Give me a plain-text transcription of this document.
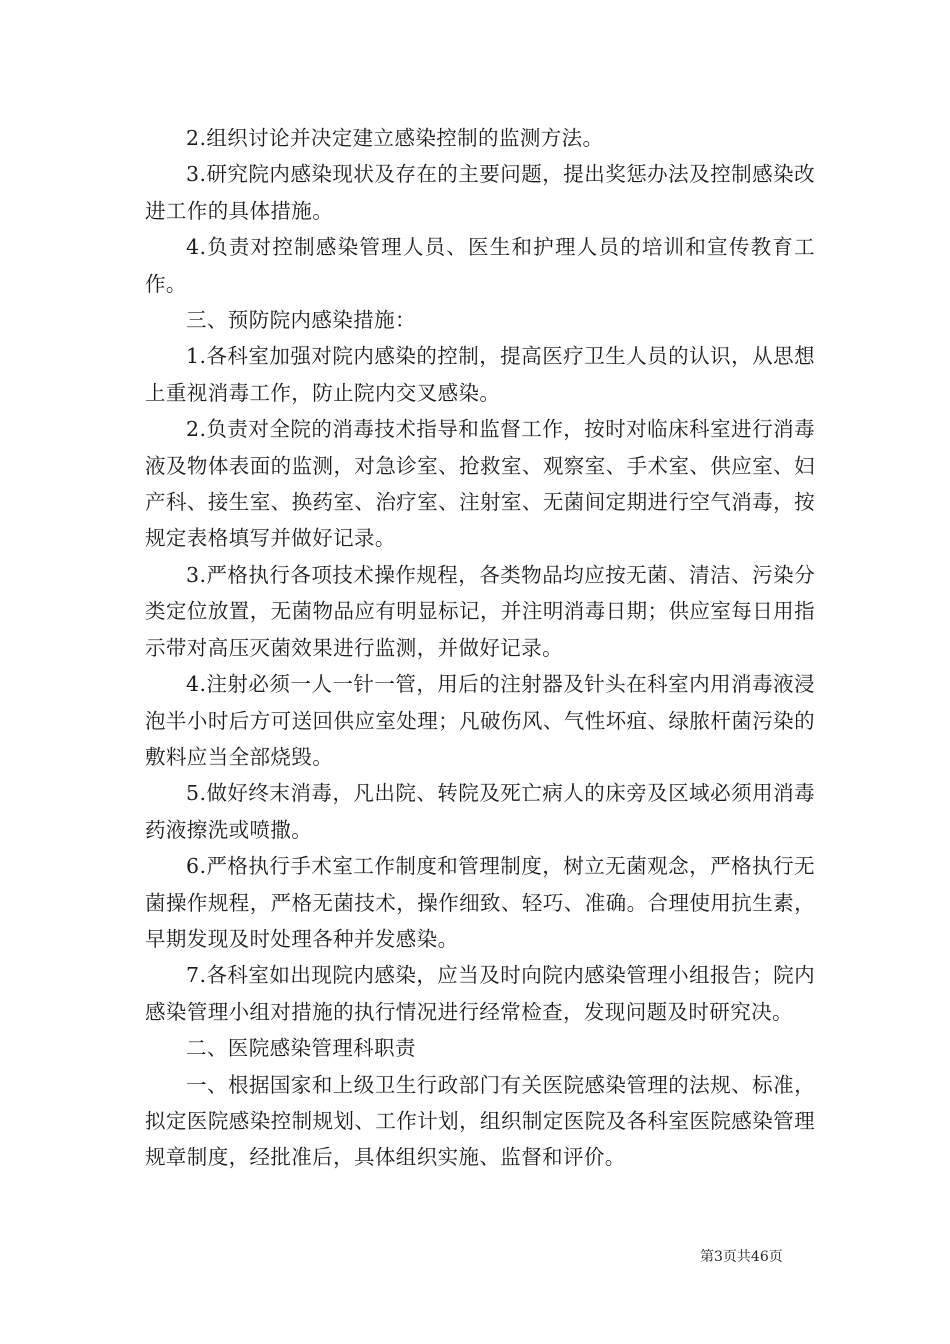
2.组织讨论并决定建立感染控制的监测方法。

3.研究院内感染现状及存在的主要问题，提出奖惩办法及控制感染改进工作的具体措施。

4.负责对控制感染管理人员、医生和护理人员的培训和宣传教育工作。

三、预防院内感染措施：

1.各科室加强对院内感染的控制，提高医疗卫生人员的认识，从思想上重视消毒工作，防止院内交叉感染。

2.负责对全院的消毒技术指导和监督工作，按时对临床科室进行消毒液及物体表面的监测，对急诊室、抢救室、观察室、手术室、供应室、妇产科、接生室、换药室、治疗室、注射室、无菌间定期进行空气消毒，按规定表格填写并做好记录。

3.严格执行各项技术操作规程，各类物品均应按无菌、清洁、污染分类定位放置，无菌物品应有明显标记，并注明消毒日期；供应室每日用指示带对高压灭菌效果进行监测，并做好记录。

4.注射必须一人一针一管，用后的注射器及针头在科室内用消毒液浸泡半小时后方可送回供应室处理；凡破伤风、气性坏疽、绿脓杆菌污染的敷料应当全部烧毁。

5.做好终末消毒，凡出院、转院及死亡病人的床旁及区域必须用消毒药液擦洗或喷撒。

6.严格执行手术室工作制度和管理制度，树立无菌观念，严格执行无菌操作规程，严格无菌技术，操作细致、轻巧、准确。合理使用抗生素，早期发现及时处理各种并发感染。

7.各科室如出现院内感染，应当及时向院内感染管理小组报告；院内感染管理小组对措施的执行情况进行经常检查，发现问题及时研究决。

二、医院感染管理科职责

一、根据国家和上级卫生行政部门有关医院感染管理的法规、标准，拟定医院感染控制规划、工作计划，组织制定医院及各科室医院感染管理规章制度，经批准后，具体组织实施、监督和评价。

第3页共46页
